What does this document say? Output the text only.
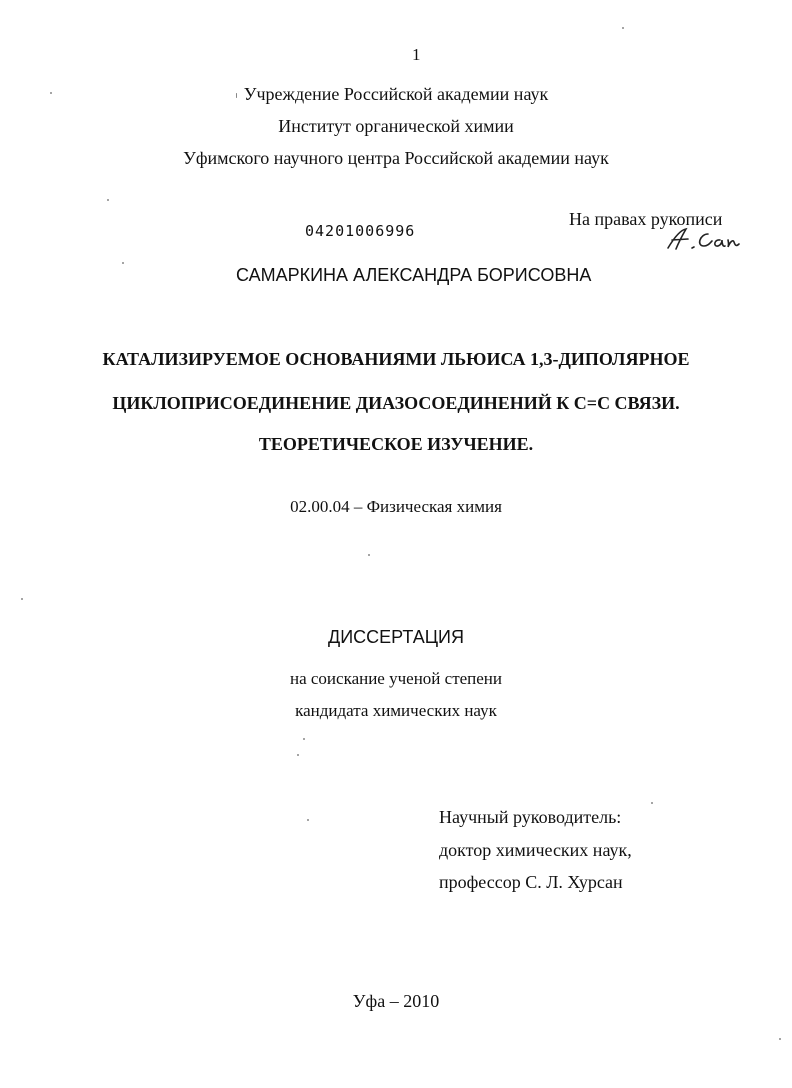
1
Учреждение Российской академии наук
Институт органической химии
Уфимского научного центра Российской академии наук
04201006996
На правах рукописи
САМАРКИНА АЛЕКСАНДРА БОРИСОВНА
КАТАЛИЗИРУЕМОЕ ОСНОВАНИЯМИ ЛЬЮИСА 1,3-ДИПОЛЯРНОЕ
ЦИКЛОПРИСОЕДИНЕНИЕ ДИАЗОСОЕДИНЕНИЙ К С=С СВЯЗИ.
ТЕОРЕТИЧЕСКОЕ ИЗУЧЕНИЕ.
02.00.04 – Физическая химия
ДИССЕРТАЦИЯ
на соискание ученой степени
кандидата химических наук
Научный руководитель:
доктор химических наук,
профессор С. Л. Хурсан
Уфа – 2010
